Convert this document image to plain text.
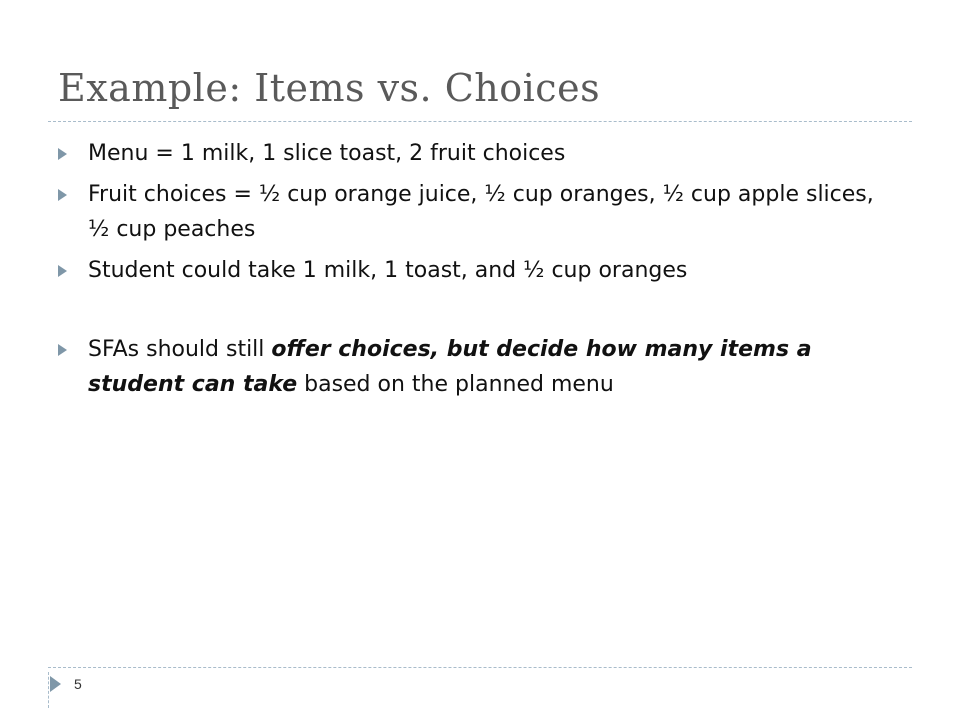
Example: Items vs. Choices
Menu = 1 milk, 1 slice toast, 2 fruit choices
Fruit choices = ½ cup orange juice, ½ cup oranges, ½ cup apple slices, ½ cup peaches
Student could take 1 milk, 1 toast, and ½ cup oranges
SFAs should still offer choices, but decide how many items a student can take based on the planned menu
5
